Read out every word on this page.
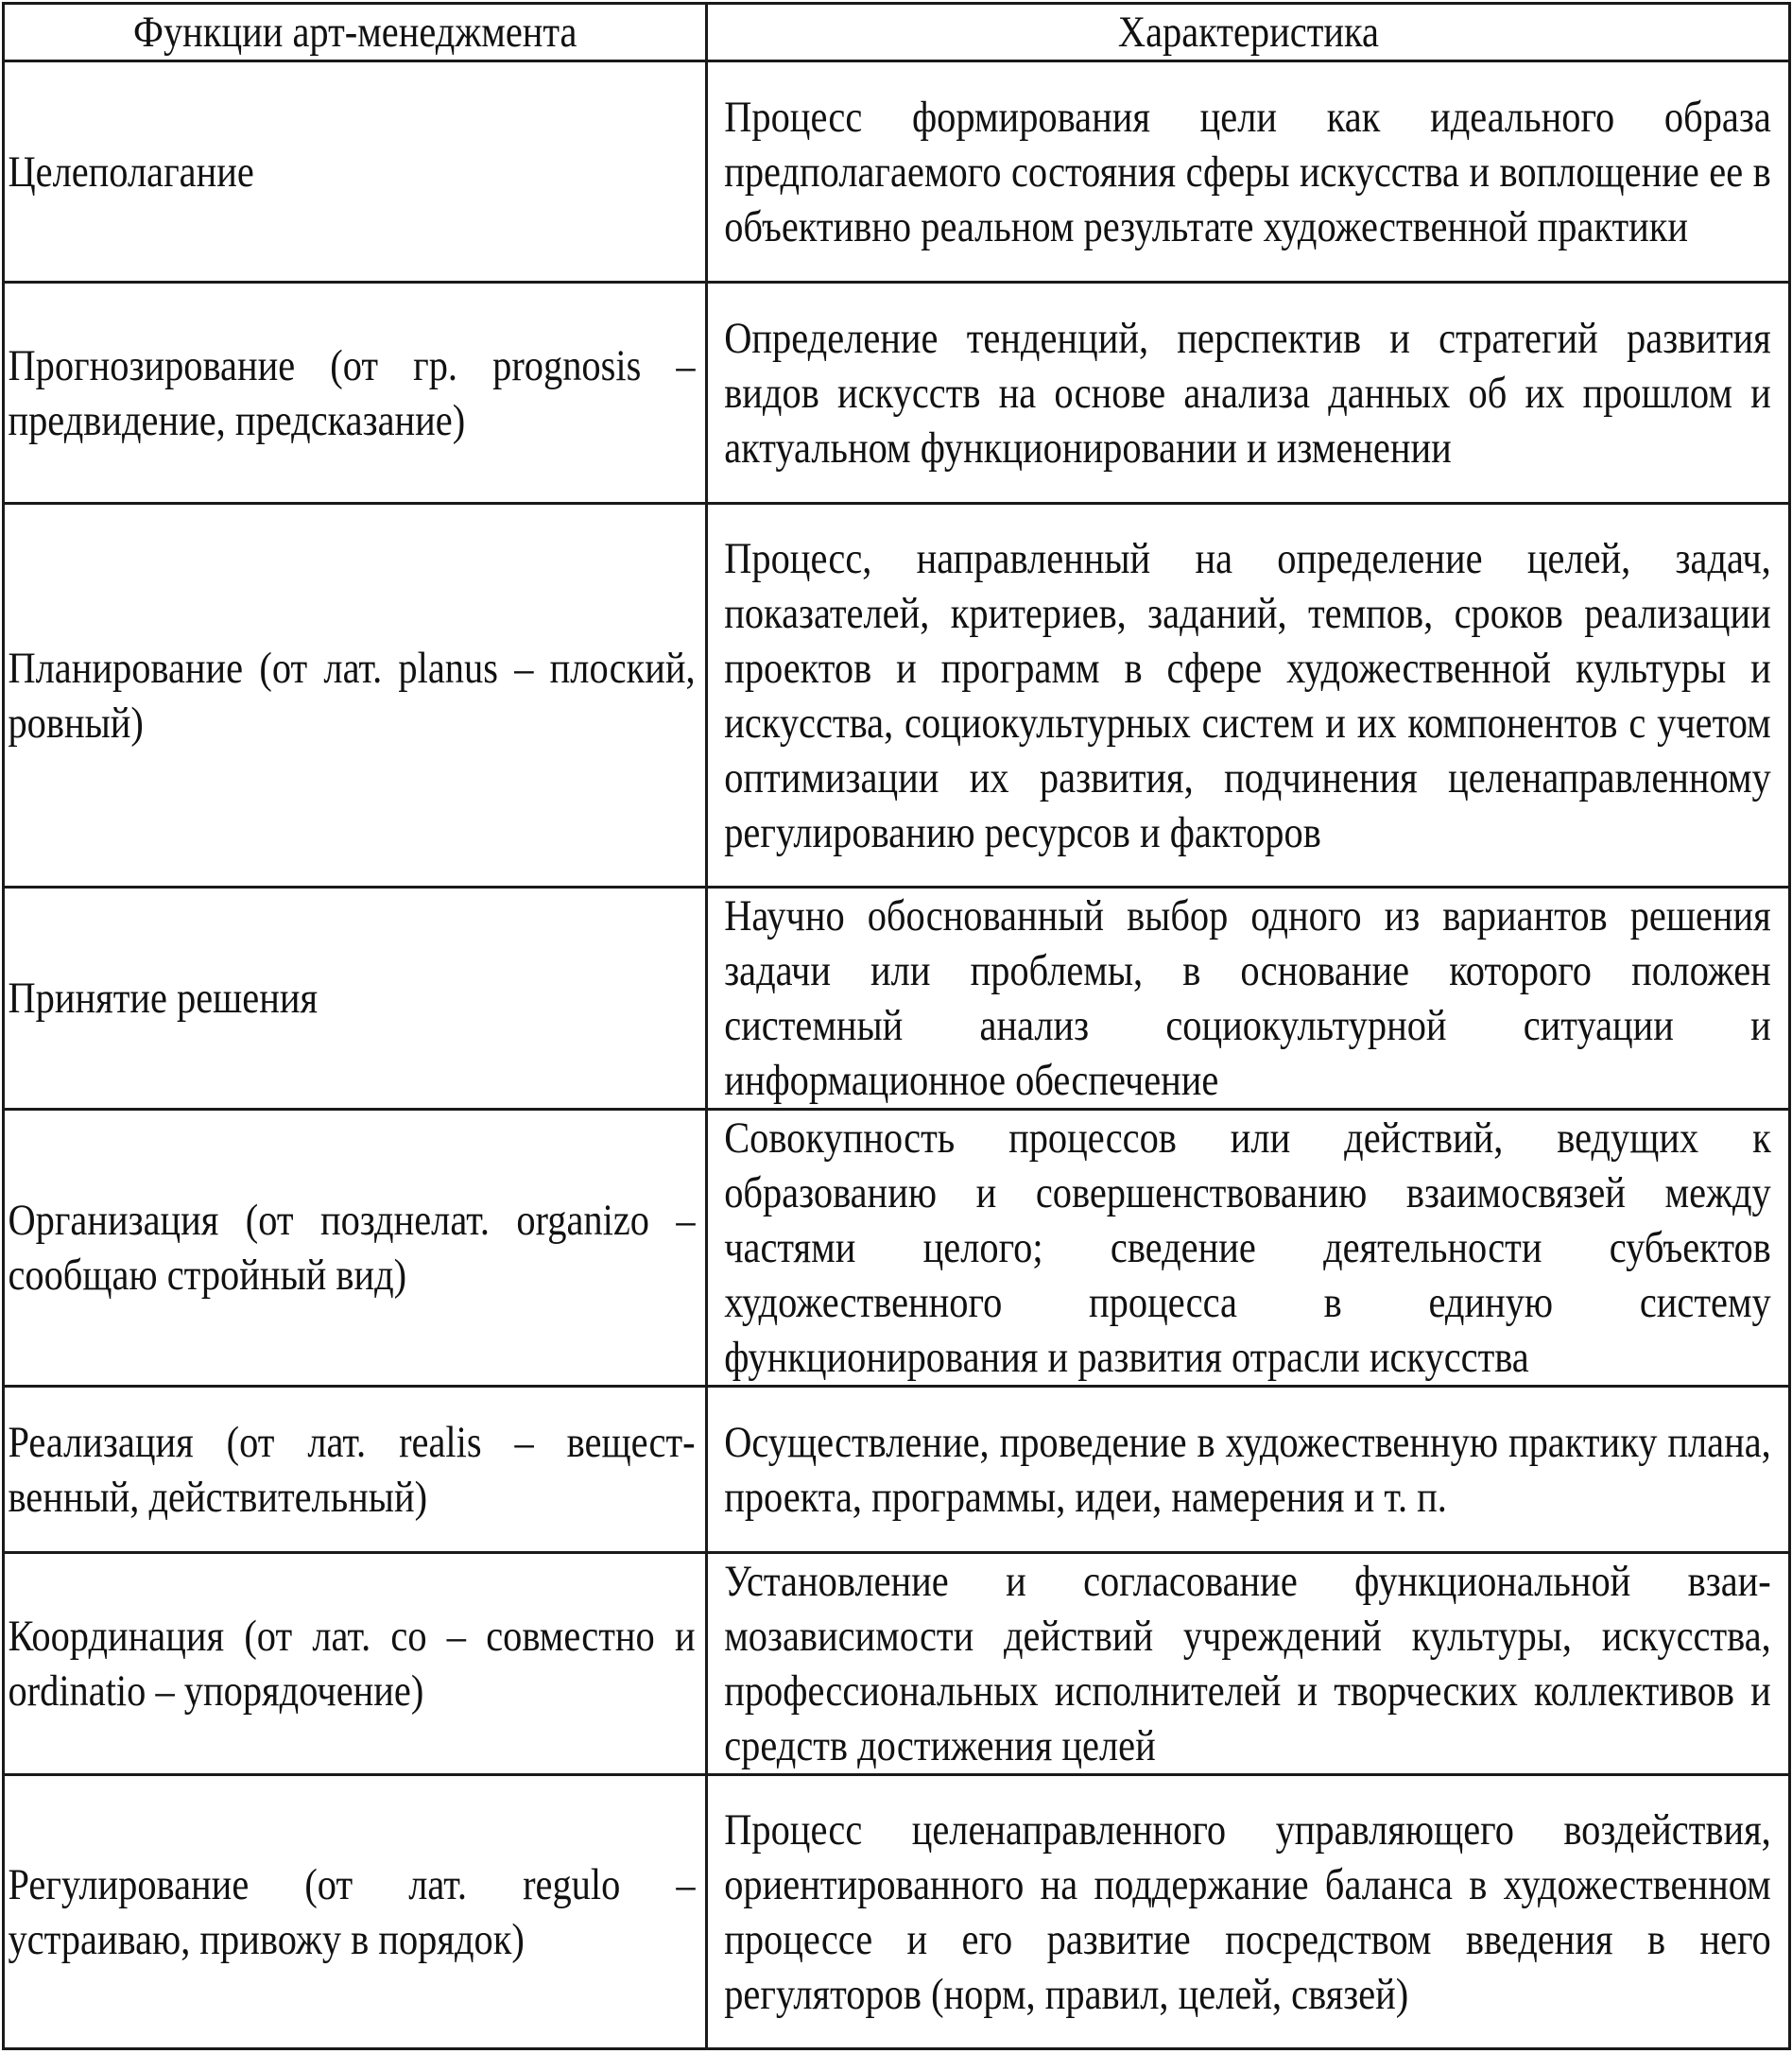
Функции арт-менеджмента	Характеристика

Целеполагание	Процесс формирования цели как идеального образа предполагаемого состояния сферы искусства и воплощение ее в объективно реальном результате художественной практики

Прогнозирование (от гр. prognosis – предвидение, предсказание)	Определение тенденций, перспектив и стратегий развития видов искусств на основе анализа данных об их прошлом и актуальном функционировании и изменении

Планирование (от лат. planus – плоский, ровный)	Процесс, направленный на определение целей, задач, показателей, критериев, заданий, темпов, сроков реализации проектов и программ в сфере художественной культуры и искусства, социокультурных систем и их компонентов с учетом оптимизации их развития, подчинения целенаправленному регулированию ресурсов и факторов

Принятие решения	Научно обоснованный выбор одного из вариантов решения задачи или проблемы, в основание которого положен системный анализ социокультурной ситуации и информационное обеспечение

Организация (от позднелат. organizo – сообщаю стройный вид)	Совокупность процессов или действий, ведущих к образованию и совершенствованию взаимосвязей между частями целого; сведение деятельности субъектов художественного процесса в единую систему функционирования и развития отрасли искусства

Реализация (от лат. realis – вещественный, действительный)	Осуществление, проведение в художественную практику плана, проекта, программы, идеи, намерения и т. п.

Координация (от лат. co – совместно и ordinatio – упорядочение)	Установление и согласование функциональной взаимозависимости действий учреждений культуры, искусства, профессиональных исполнителей и творческих коллективов и средств достижения целей

Регулирование (от лат. regulo – устраиваю, привожу в порядок)	Процесс целенаправленного управляющего воздействия, ориентированного на поддержание баланса в художественном процессе и его развитие посредством введения в него регуляторов (норм, правил, целей, связей)
